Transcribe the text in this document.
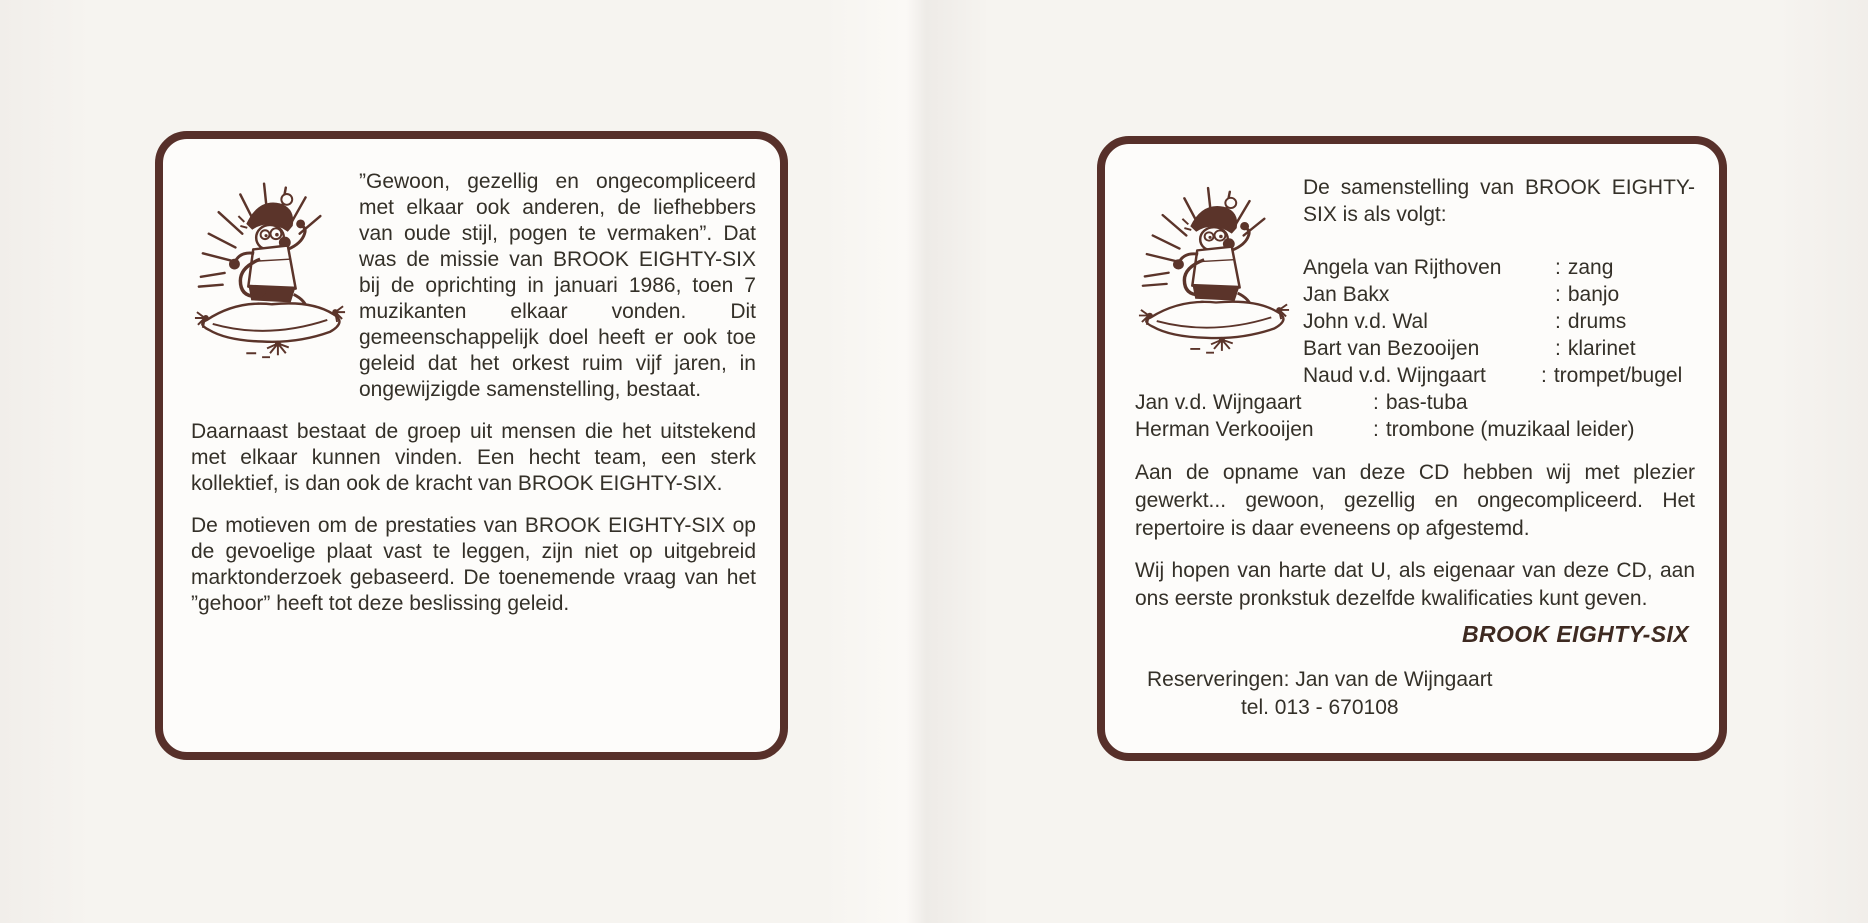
”Gewoon, gezellig en ongecompliceerd met elkaar ook anderen, de liefhebbers van oude stijl, pogen te vermaken”. Dat was de missie van BROOK EIGHTY-SIX bij de oprichting in januari 1986, toen 7 muzikanten elkaar vonden. Dit gemeenschappelijk doel heeft er ook toe geleid dat het orkest ruim vijf jaren, in ongewijzigde samenstelling, bestaat.

Daarnaast bestaat de groep uit mensen die het uitstekend met elkaar kunnen vinden. Een hecht team, een sterk kollektief, is dan ook de kracht van BROOK EIGHTY-SIX.

De motieven om de prestaties van BROOK EIGHTY-SIX op de gevoelige plaat vast te leggen, zijn niet op uitgebreid marktonderzoek gebaseerd. De toenemende vraag van het ”gehoor” heeft tot deze beslissing geleid.

De samenstelling van BROOK EIGHTY-SIX is als volgt:

Angela van Rijthoven	: zang
Jan Bakx	: banjo
John v.d. Wal	: drums
Bart van Bezooijen	: klarinet
Naud v.d. Wijngaart	: trompet/bugel
Jan v.d. Wijngaart	: bas-tuba
Herman Verkooijen	: trombone (muzikaal leider)

Aan de opname van deze CD hebben wij met plezier gewerkt... gewoon, gezellig en ongecompliceerd. Het repertoire is daar eveneens op afgestemd.

Wij hopen van harte dat U, als eigenaar van deze CD, aan ons eerste pronkstuk dezelfde kwalificaties kunt geven.

BROOK EIGHTY-SIX
Reserveringen: Jan van de Wijngaart
tel. 013 - 670108
